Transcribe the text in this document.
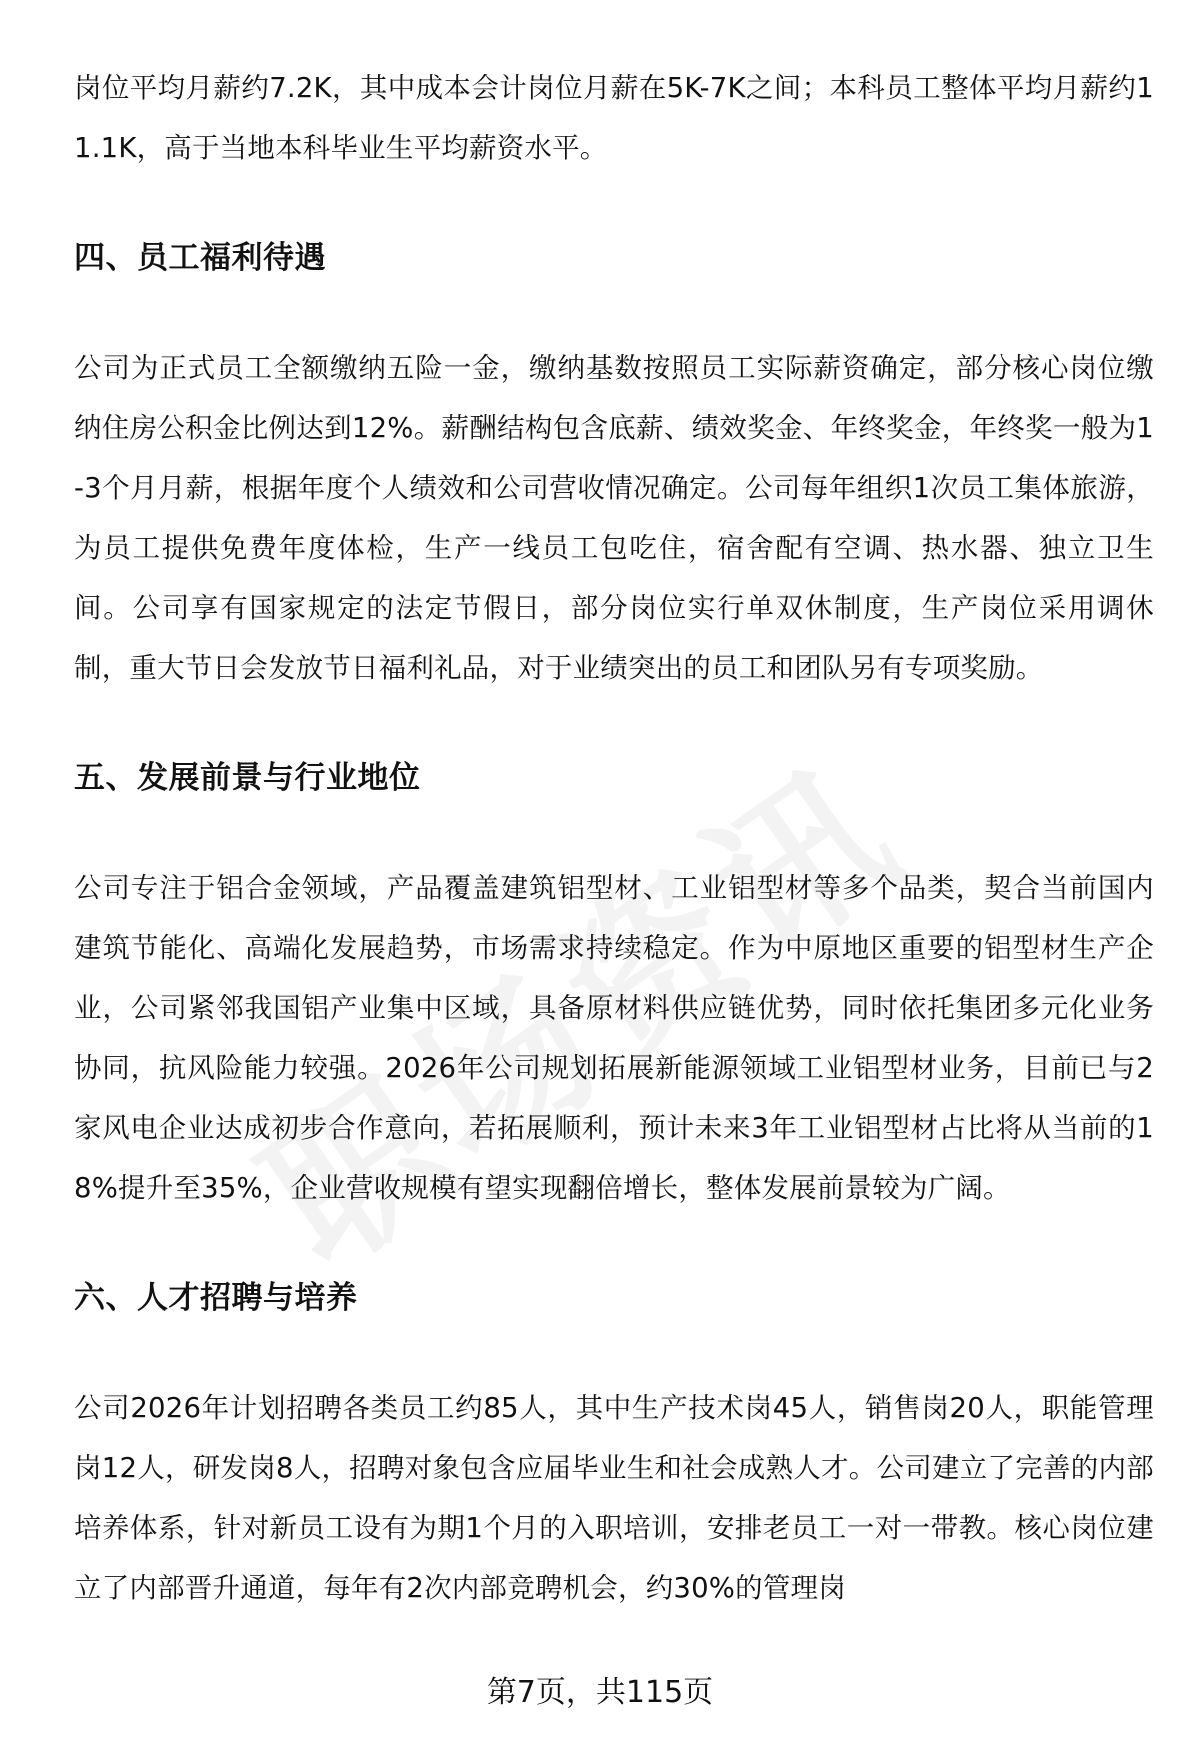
岗位平均月薪约7.2K，其中成本会计岗位月薪在5K-7K之间；本科员工整体平均月薪约11.1K，高于当地本科毕业生平均薪资水平。

四、员工福利待遇

公司为正式员工全额缴纳五险一金，缴纳基数按照员工实际薪资确定，部分核心岗位缴纳住房公积金比例达到12%。薪酬结构包含底薪、绩效奖金、年终奖金，年终奖一般为1-3个月月薪，根据年度个人绩效和公司营收情况确定。公司每年组织1次员工集体旅游，为员工提供免费年度体检，生产一线员工包吃住，宿舍配有空调、热水器、独立卫生间。公司享有国家规定的法定节假日，部分岗位实行单双休制度，生产岗位采用调休制，重大节日会发放节日福利礼品，对于业绩突出的员工和团队另有专项奖励。

五、发展前景与行业地位

公司专注于铝合金领域，产品覆盖建筑铝型材、工业铝型材等多个品类，契合当前国内建筑节能化、高端化发展趋势，市场需求持续稳定。作为中原地区重要的铝型材生产企业，公司紧邻我国铝产业集中区域，具备原材料供应链优势，同时依托集团多元化业务协同，抗风险能力较强。2026年公司规划拓展新能源领域工业铝型材业务，目前已与2家风电企业达成初步合作意向，若拓展顺利，预计未来3年工业铝型材占比将从当前的18%提升至35%，企业营收规模有望实现翻倍增长，整体发展前景较为广阔。

六、人才招聘与培养

公司2026年计划招聘各类员工约85人，其中生产技术岗45人，销售岗20人，职能管理岗12人，研发岗8人，招聘对象包含应届毕业生和社会成熟人才。公司建立了完善的内部培养体系，针对新员工设有为期1个月的入职培训，安排老员工一对一带教。核心岗位建立了内部晋升通道，每年有2次内部竞聘机会，约30%的管理岗

第7页，共115页
